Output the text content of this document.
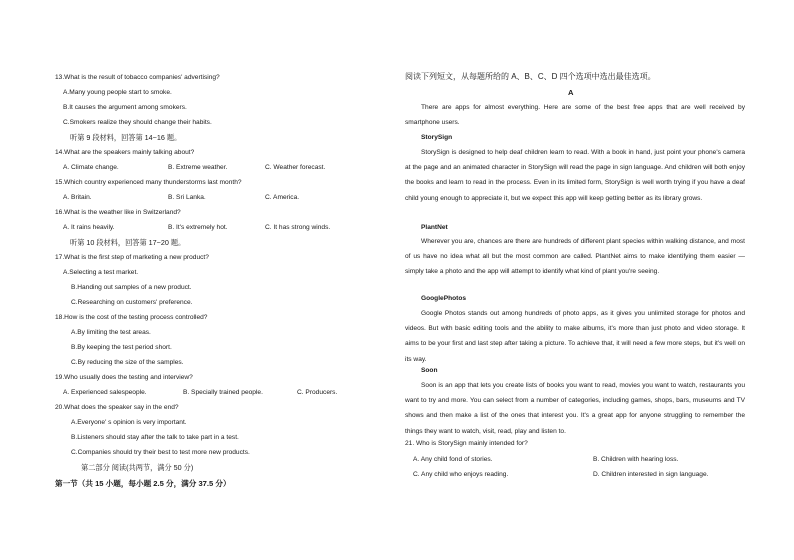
13.What is the result of tobacco companies' advertising?
A.Many young people start to smoke.
B.It causes the argument among smokers.
C.Smokers realize they should change their habits.
听第 9 段材料，回答第 14~16 题。
14.What are the speakers mainly talking about?
A. Climate change.	B. Extreme weather.	C. Weather forecast.
15.Which country experienced many thunderstorms last month?
A. Britain.	B. Sri Lanka.	C. America.
16.What is the weather like in Switzerland?
A. It rains heavily.	B. It's extremely hot.	C. It has strong winds.
听第 10 段材料，回答第 17~20 题。
17.What is the first step of marketing a new product?
A.Selecting a test market.
B.Handing out samples of a new product.
C.Researching on customers' preference.
18.How is the cost of the testing process controlled?
A.By limiting the test areas.
B.By keeping the test period short.
C.By reducing the size of the samples.
19.Who usually does the testing and interview?
A. Experienced salespeople.	B. Specially trained people.	C. Producers.
20.What does the speaker say in the end?
A.Everyone' s opinion is very important.
B.Listeners should stay after the talk to take part in a test.
C.Companies should try their best to test more new products.
第二部分 阅读(共两节，满分 50 分)
第一节（共 15 小题，每小题 2.5 分，满分 37.5 分）
阅读下列短文，从每题所给的 A、B、C、D 四个选项中选出最佳选项。
A
There are apps for almost everything. Here are some of the best free apps that are well received by smartphone users.
StorySign
StorySign is designed to help deaf children learn to read. With a book in hand, just point your phone's camera at the page and an animated character in StorySign will read the page in sign language. And children will both enjoy the books and learn to read in the process. Even in its limited form, StorySign is well worth trying if you have a deaf child young enough to appreciate it, but we expect this app will keep getting better as its library grows.
PlantNet
Wherever you are, chances are there are hundreds of different plant species within walking distance, and most of us have no idea what all but the most common are called. PlantNet aims to make identifying them easier — simply take a photo and the app will attempt to identify what kind of plant you're seeing.
GooglePhotos
Google Photos stands out among hundreds of photo apps, as it gives you unlimited storage for photos and videos. But with basic editing tools and the ability to make albums, it's more than just photo and video storage. It aims to be your first and last step after taking a picture. To achieve that, it will need a few more steps, but it's well on its way.
Soon
Soon is an app that lets you create lists of books you want to read, movies you want to watch, restaurants you want to try and more. You can select from a number of categories, including games, shops, bars, museums and TV shows and then make a list of the ones that interest you. It's a great app for anyone struggling to remember the things they want to watch, visit, read, play and listen to.
21. Who is StorySign mainly intended for?
A. Any child fond of stories.	B. Children with hearing loss.
C. Any child who enjoys reading.	D. Children interested in sign language.
